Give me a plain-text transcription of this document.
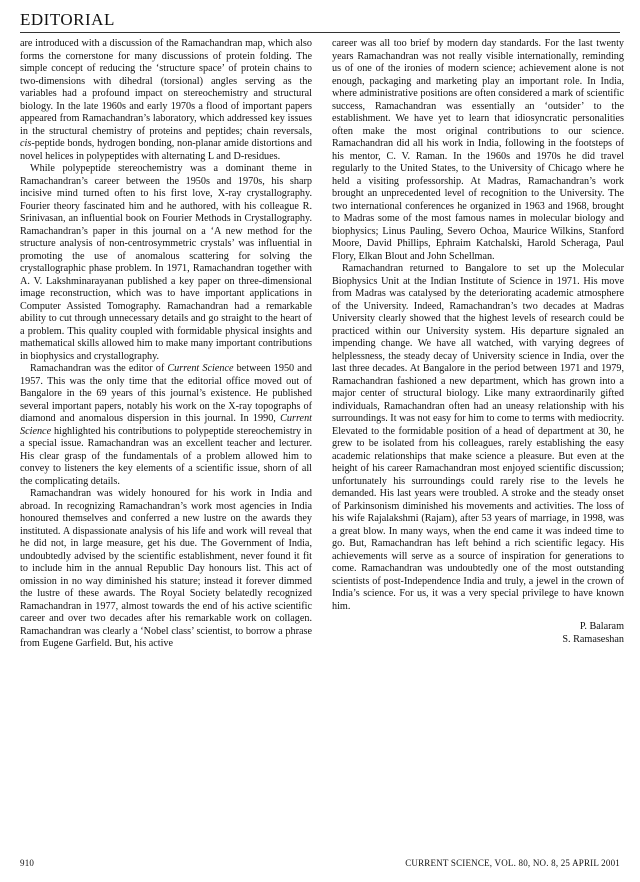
EDITORIAL

are introduced with a discussion of the Ramachandran map, which also forms the cornerstone for many discussions of protein folding. The simple concept of reducing the ‘structure space’ of protein chains to two-dimensions with dihedral (torsional) angles serving as the variables had a profound impact on stereochemistry and structural biology. In the late 1960s and early 1970s a flood of important papers appeared from Ramachandran’s laboratory, which addressed key issues in the structural chemistry of proteins and peptides; chain reversals, cis-peptide bonds, hydrogen bonding, non-planar amide distortions and novel helices in polypeptides with alternating L and D-residues.

While polypeptide stereochemistry was a dominant theme in Ramachandran’s career between the 1950s and 1970s, his sharp incisive mind turned often to his first love, X-ray crystallography. Fourier theory fascinated him and he authored, with his colleague R. Srinivasan, an influential book on Fourier Methods in Crystallography. Ramachandran’s paper in this journal on a ‘A new method for the structure analysis of non-centrosymmetric crystals’ was influential in promoting the use of anomalous scattering for solving the crystallographic phase problem. In 1971, Ramachandran together with A. V. Lakshminarayanan published a key paper on three-dimensional image reconstruction, which was to have important applications in Computer Assisted Tomography. Ramachandran had a remarkable ability to cut through unnecessary details and go straight to the heart of a problem. This quality coupled with formidable physical insights and mathematical skills allowed him to make many important contributions in biophysics and crystallography.

Ramachandran was the editor of Current Science between 1950 and 1957. This was the only time that the editorial office moved out of Bangalore in the 69 years of this journal’s existence. He published several important papers, notably his work on the X-ray topographs of diamond and anomalous dispersion in this journal. In 1990, Current Science highlighted his contributions to polypeptide stereochemistry in a special issue. Ramachandran was an excellent teacher and lecturer. His clear grasp of the fundamentals of a problem allowed him to convey to listeners the key elements of a scientific issue, shorn of all the complicating details.

Ramachandran was widely honoured for his work in India and abroad. In recognizing Ramachandran’s work most agencies in India honoured themselves and conferred a new lustre on the awards they instituted. A dispassionate analysis of his life and work will reveal that he did not, in large measure, get his due. The Government of India, undoubtedly advised by the scientific establishment, never found it fit to include him in the annual Republic Day honours list. This act of omission in no way diminished his stature; instead it forever dimmed the lustre of these awards. The Royal Society belatedly recognized Ramachandran in 1977, almost towards the end of his active scientific career and over two decades after his remarkable work on collagen. Ramachandran was clearly a ‘Nobel class’ scientist, to borrow a phrase from Eugene Garfield. But, his active

career was all too brief by modern day standards. For the last twenty years Ramachandran was not really visible internationally, reminding us of one of the ironies of modern science; achievement alone is not enough, packaging and marketing play an important role. In India, where administrative positions are often considered a mark of scientific success, Ramachandran was essentially an ‘outsider’ to the establishment. We have yet to learn that idiosyncratic personalities often make the most original contributions to our science. Ramachandran did all his work in India, following in the footsteps of his mentor, C. V. Raman. In the 1960s and 1970s he did travel regularly to the United States, to the University of Chicago where he held a visiting professorship. At Madras, Ramachandran’s work brought an unprecedented level of recognition to the University. The two international conferences he organized in 1963 and 1968, brought to Madras some of the most famous names in molecular biology and biophysics; Linus Pauling, Severo Ochoa, Maurice Wilkins, Stanford Moore, David Phillips, Ephraim Katchalski, Harold Scheraga, Paul Flory, Elkan Blout and John Schellman.

Ramachandran returned to Bangalore to set up the Molecular Biophysics Unit at the Indian Institute of Science in 1971. His move from Madras was catalysed by the deteriorating academic atmosphere of the University. Indeed, Ramachandran’s two decades at Madras University clearly showed that the highest levels of research could be practiced within our University system. His departure signaled an impending change. We have all watched, with varying degrees of helplessness, the steady decay of University science in India, over the last three decades. At Bangalore in the period between 1971 and 1979, Ramachandran fashioned a new department, which has grown into a major center of structural biology. Like many extraordinarily gifted individuals, Ramachandran often had an uneasy relationship with his surroundings. It was not easy for him to come to terms with mediocrity. Elevated to the formidable position of a head of department at 30, he grew to be isolated from his colleagues, rarely establishing the easy academic relationships that make science a pleasure. But even at the height of his career Ramachandran most enjoyed scientific discussion; unfortunately his surroundings could rarely rise to the levels he demanded. His last years were troubled. A stroke and the steady onset of Parkinsonism diminished his movements and activities. The loss of his wife Rajalakshmi (Rajam), after 53 years of marriage, in 1998, was a great blow. In many ways, when the end came it was indeed time to go. But, Ramachandran has left behind a rich scientific legacy. His achievements will serve as a source of inspiration for generations to come. Ramachandran was undoubtedly one of the most outstanding scientists of post-Independence India and truly, a jewel in the crown of India’s science. For us, it was a very special privilege to have known him.

P. Balaram
S. Ramaseshan
910	CURRENT SCIENCE, VOL. 80, NO. 8, 25 APRIL 2001
